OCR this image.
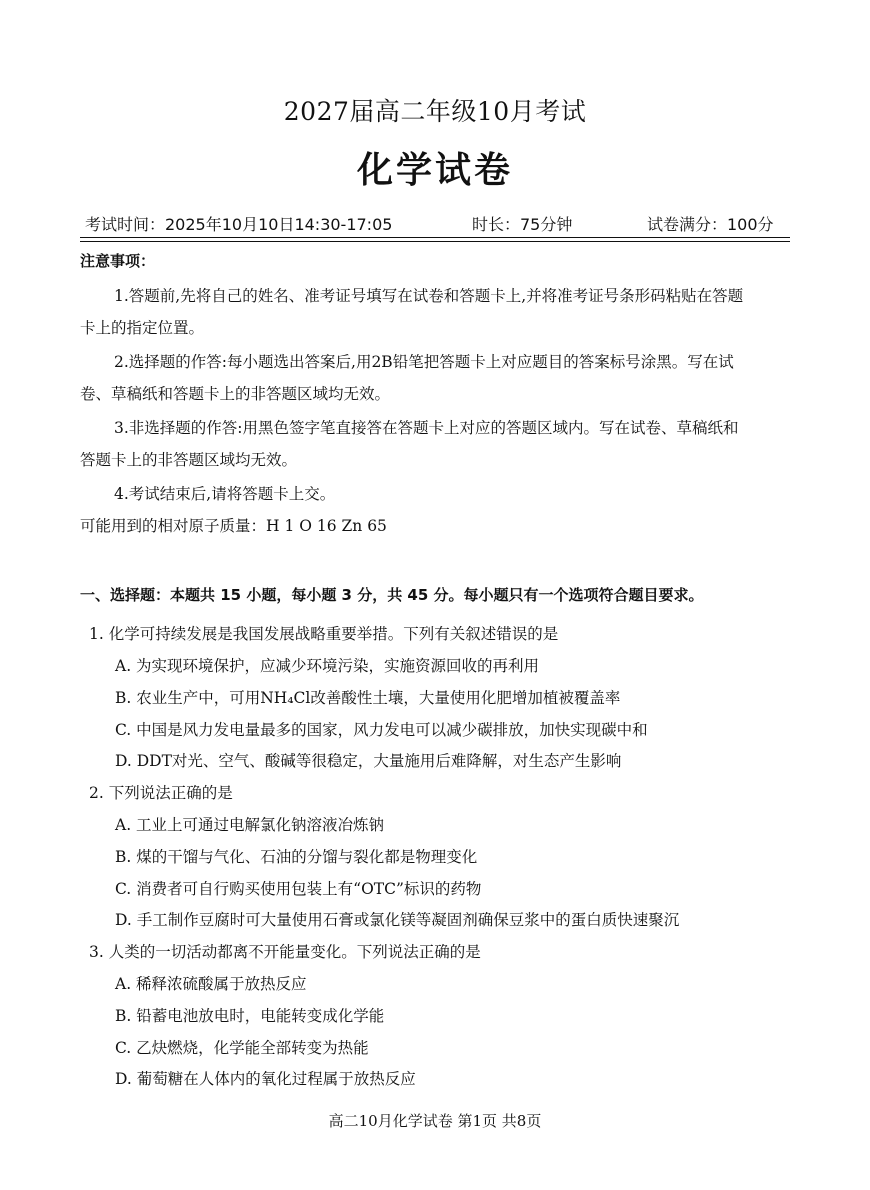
2027届高二年级10月考试
化学试卷
考试时间：2025年10月10日14:30-17:05	时长：75分钟	试卷满分：100分
注意事项：
1.答题前,先将自己的姓名、准考证号填写在试卷和答题卡上,并将准考证号条形码粘贴在答题
卡上的指定位置。
2.选择题的作答:每小题选出答案后,用2B铅笔把答题卡上对应题目的答案标号涂黑。写在试
卷、草稿纸和答题卡上的非答题区域均无效。
3.非选择题的作答:用黑色签字笔直接答在答题卡上对应的答题区域内。写在试卷、草稿纸和
答题卡上的非答题区域均无效。
4.考试结束后,请将答题卡上交。
可能用到的相对原子质量：H 1 O 16 Zn 65
一、选择题：本题共 15 小题，每小题 3 分，共 45 分。每小题只有一个选项符合题目要求。
1. 化学可持续发展是我国发展战略重要举措。下列有关叙述错误的是
A. 为实现环境保护，应减少环境污染，实施资源回收的再利用
B. 农业生产中，可用NH₄Cl改善酸性土壤，大量使用化肥增加植被覆盖率
C. 中国是风力发电量最多的国家，风力发电可以减少碳排放，加快实现碳中和
D. DDT对光、空气、酸碱等很稳定，大量施用后难降解，对生态产生影响
2. 下列说法正确的是
A. 工业上可通过电解氯化钠溶液冶炼钠
B. 煤的干馏与气化、石油的分馏与裂化都是物理变化
C. 消费者可自行购买使用包装上有“OTC”标识的药物
D. 手工制作豆腐时可大量使用石膏或氯化镁等凝固剂确保豆浆中的蛋白质快速聚沉
3. 人类的一切活动都离不开能量变化。下列说法正确的是
A. 稀释浓硫酸属于放热反应
B. 铅蓄电池放电时，电能转变成化学能
C. 乙炔燃烧，化学能全部转变为热能
D. 葡萄糖在人体内的氧化过程属于放热反应
高二10月化学试卷 第1页 共8页
